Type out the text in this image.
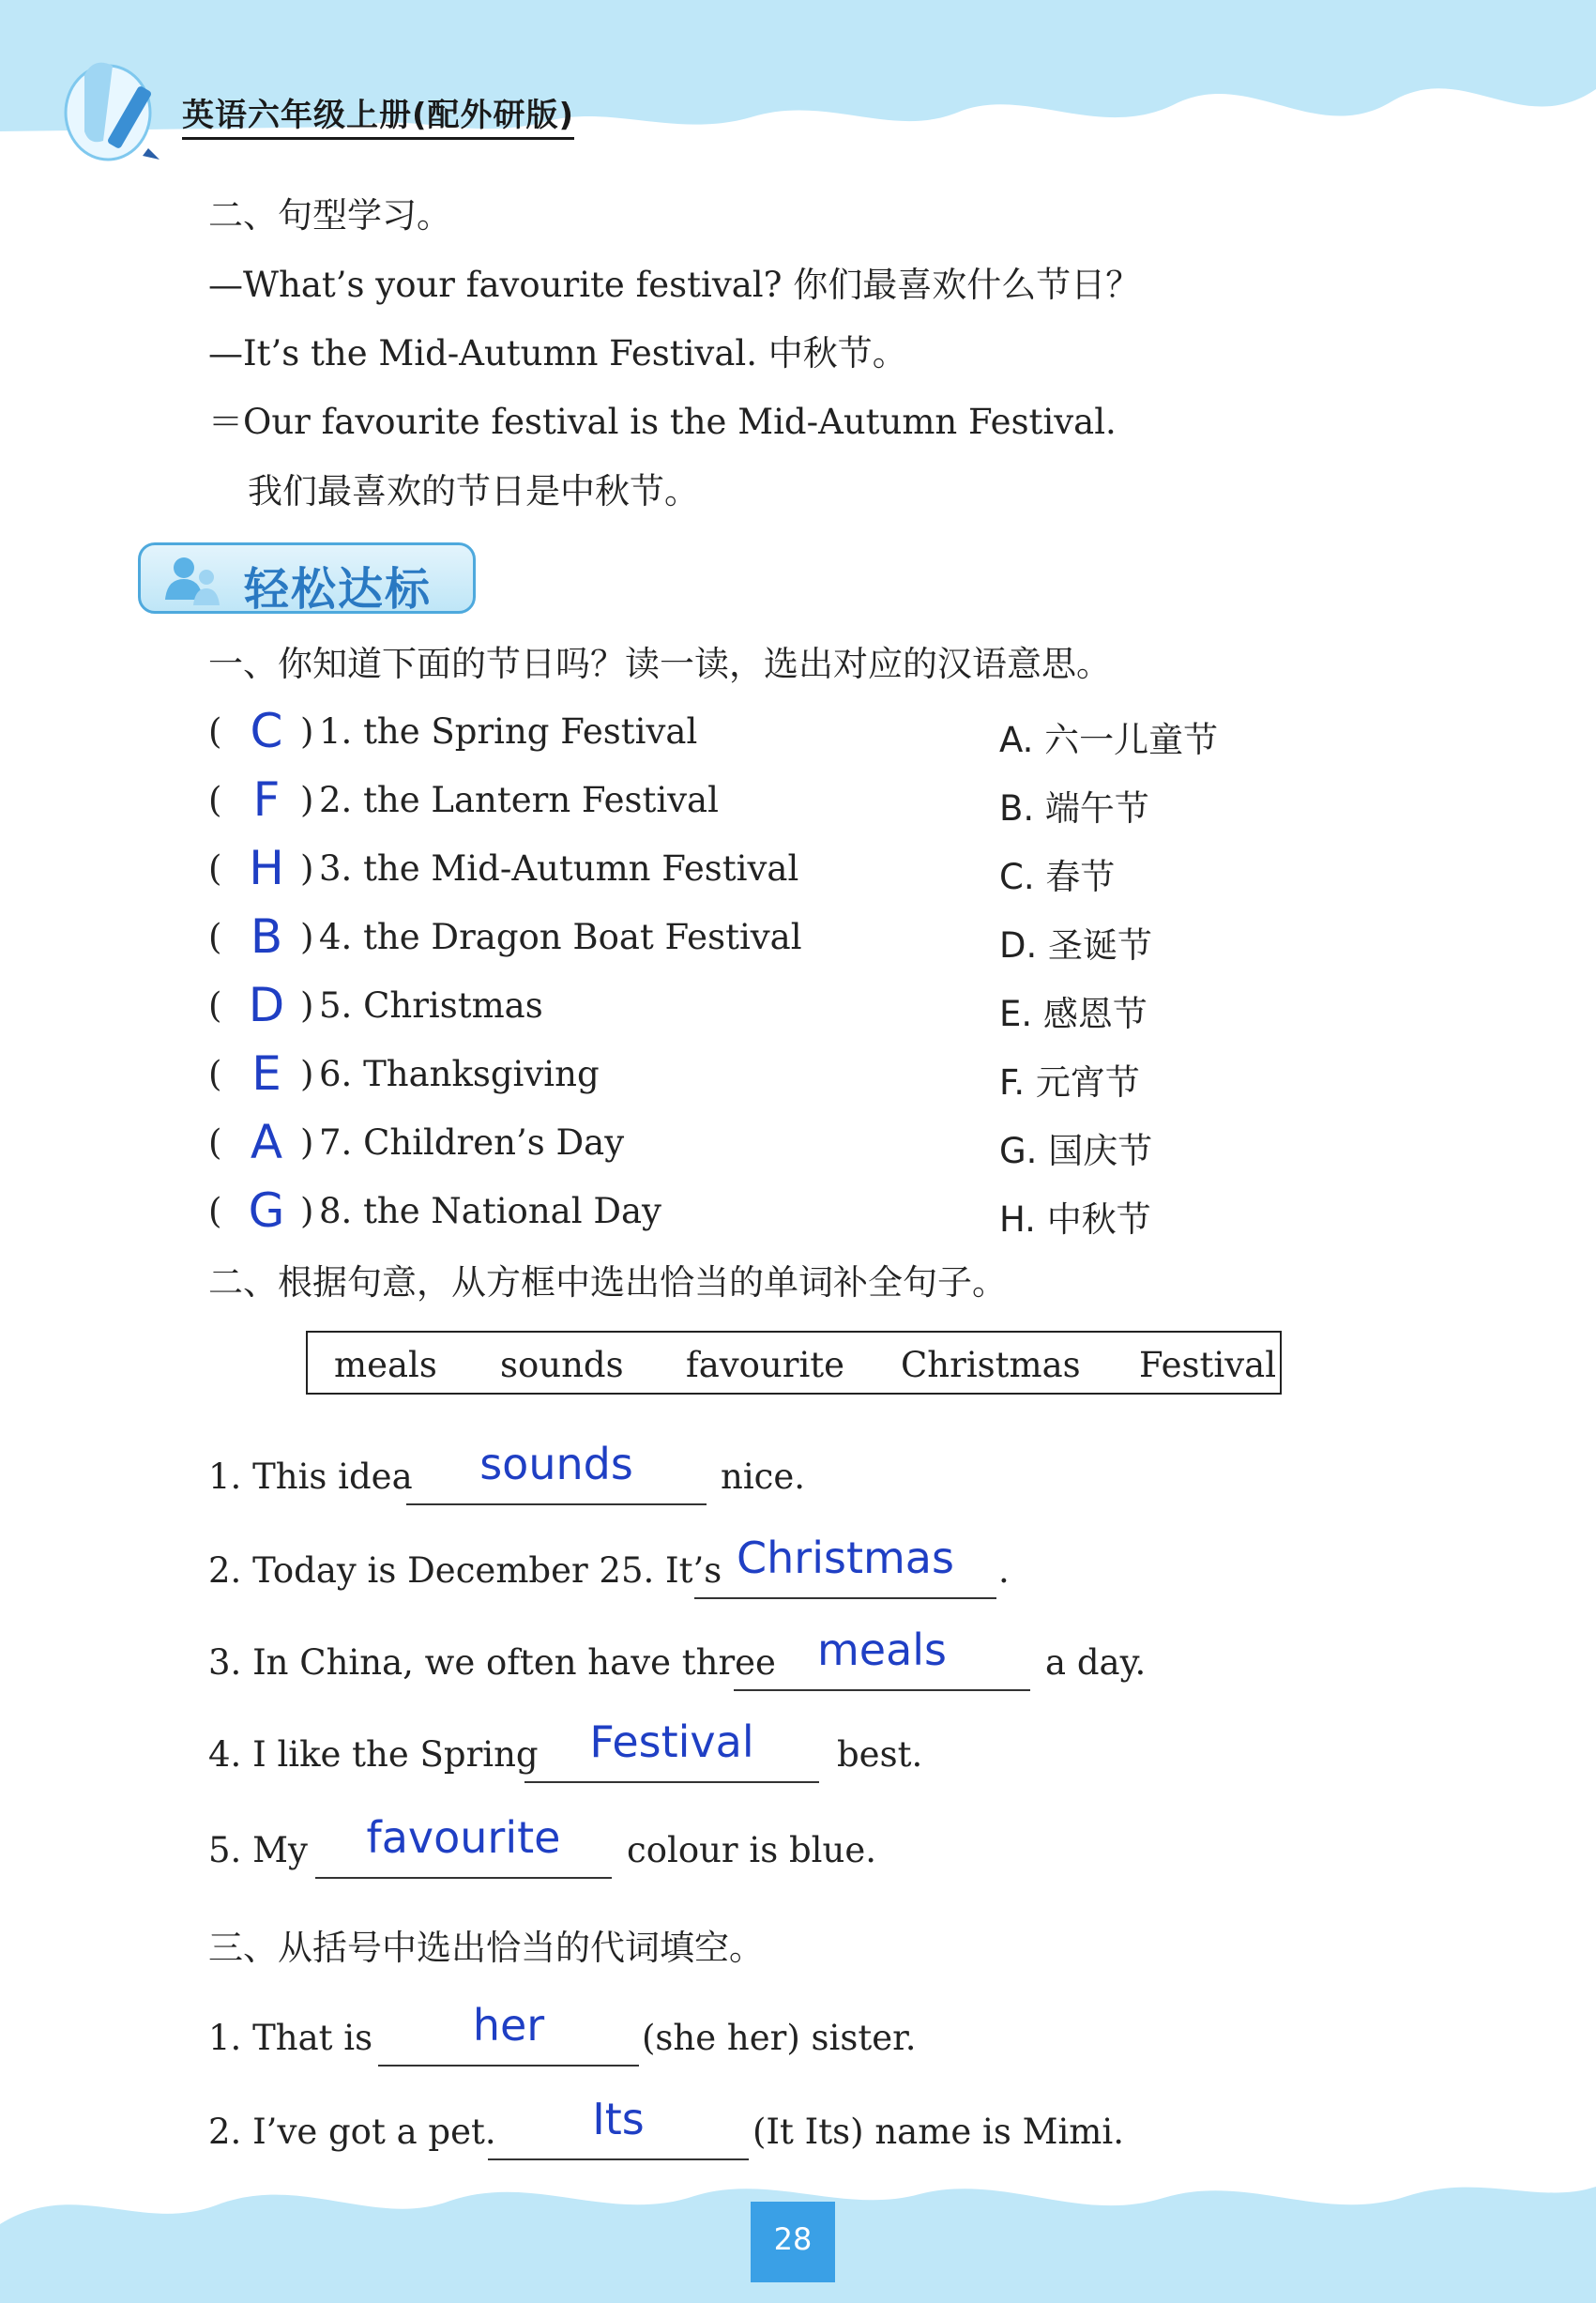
英语六年级上册(配外研版)
二、句型学习。
—What’s your favourite festival? 你们最喜欢什么节日？
—It’s the Mid-Autumn Festival. 中秋节。
＝Our favourite festival is the Mid-Autumn Festival.
我们最喜欢的节日是中秋节。
轻松达标
一、你知道下面的节日吗？读一读，选出对应的汉语意思。
( C ) 1. the Spring Festival	A. 六一儿童节
( F ) 2. the Lantern Festival	B. 端午节
( H ) 3. the Mid-Autumn Festival	C. 春节
( B ) 4. the Dragon Boat Festival	D. 圣诞节
( D ) 5. Christmas	E. 感恩节
( E ) 6. Thanksgiving	F. 元宵节
( A ) 7. Children’s Day	G. 国庆节
( G ) 8. the National Day	H. 中秋节
二、根据句意，从方框中选出恰当的单词补全句子。
meals sounds favourite Christmas Festival
1. This idea	sounds	nice.
2. Today is December 25. It’s Christmas	.
3. In China, we often have three meals	a day.
4. I like the Spring	Festival	best.
5. My	favourite	colour is blue.
三、从括号中选出恰当的代词填空。
1. That is	her	(she her) sister.
2. I’ve got a pet.	Its	(It Its) name is Mimi.
28
